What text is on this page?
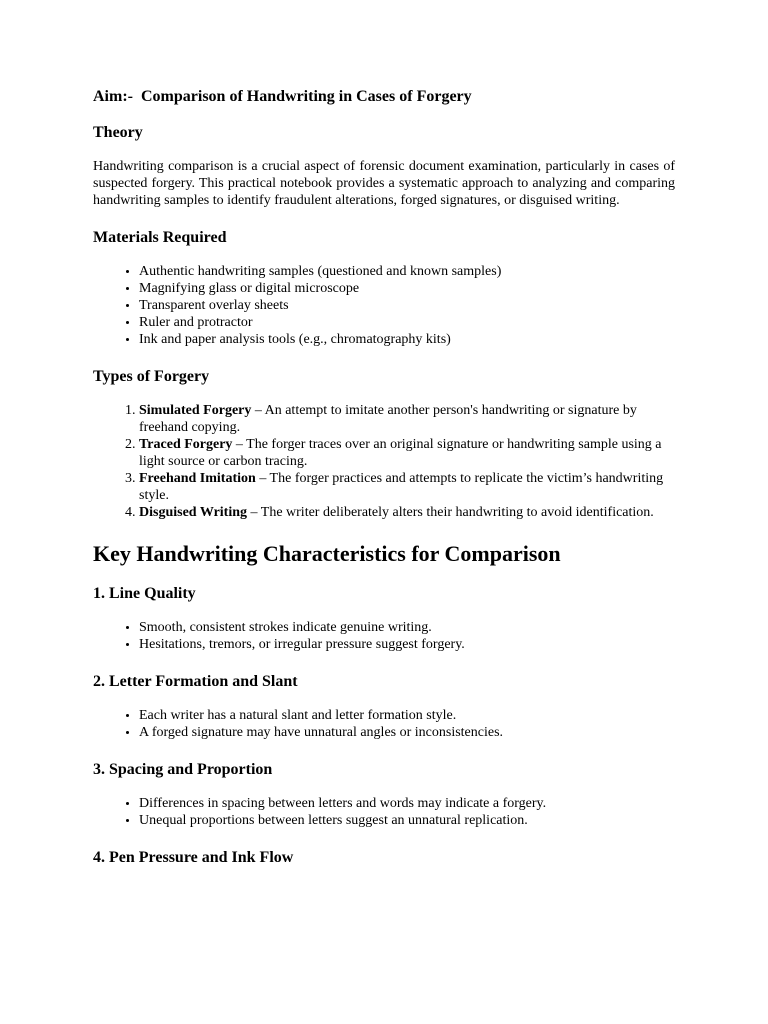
Aim:-  Comparison of Handwriting in Cases of Forgery
Theory

Handwriting comparison is a crucial aspect of forensic document examination, particularly in cases of suspected forgery. This practical notebook provides a systematic approach to analyzing and comparing handwriting samples to identify fraudulent alterations, forged signatures, or disguised writing.

Materials Required
• Authentic handwriting samples (questioned and known samples)
• Magnifying glass or digital microscope
• Transparent overlay sheets
• Ruler and protractor
• Ink and paper analysis tools (e.g., chromatography kits)
Types of Forgery
1. Simulated Forgery – An attempt to imitate another person's handwriting or signature by freehand copying.
2. Traced Forgery – The forger traces over an original signature or handwriting sample using a light source or carbon tracing.
3. Freehand Imitation – The forger practices and attempts to replicate the victim’s handwriting style.
4. Disguised Writing – The writer deliberately alters their handwriting to avoid identification.
Key Handwriting Characteristics for Comparison
1. Line Quality
• Smooth, consistent strokes indicate genuine writing.
• Hesitations, tremors, or irregular pressure suggest forgery.
2. Letter Formation and Slant
• Each writer has a natural slant and letter formation style.
• A forged signature may have unnatural angles or inconsistencies.
3. Spacing and Proportion
• Differences in spacing between letters and words may indicate a forgery.
• Unequal proportions between letters suggest an unnatural replication.
4. Pen Pressure and Ink Flow
